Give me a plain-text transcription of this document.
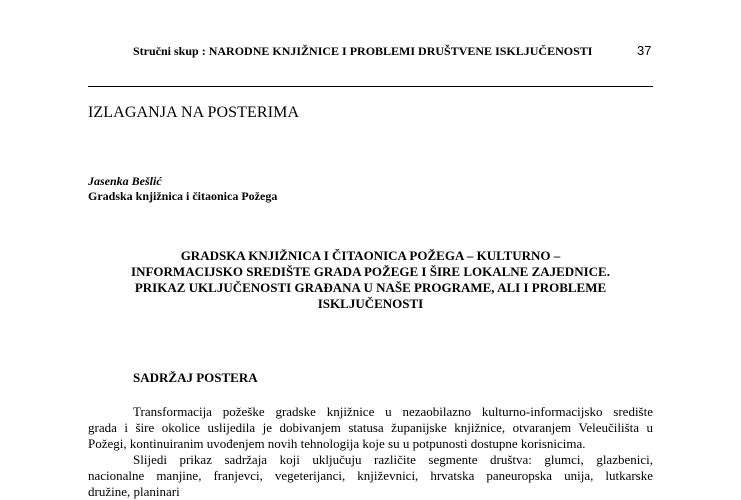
Stručni skup : NARODNE KNJIŽNICE I PROBLEMI DRUŠTVENE ISKLJUČENOSTI	37
IZLAGANJA NA POSTERIMA
Jasenka Bešlić
Gradska knjižnica i čitaonica Požega
GRADSKA KNJIŽNICA I ČITAONICA POŽEGA – KULTURNO –
INFORMACIJSKO SREDIŠTE GRADA POŽEGE I ŠIRE LOKALNE ZAJEDNICE.
PRIKAZ UKLJUČENOSTI GRAĐANA U NAŠE PROGRAME, ALI I PROBLEME
ISKLJUČENOSTI
SADRŽAJ POSTERA
Transformacija požeške gradske knjižnice u nezaobilazno kulturno-informacijsko središte
grada i šire okolice uslijedila je dobivanjem statusa županijske knjižnice, otvaranjem Veleučilišta u
Požegi, kontinuiranim uvođenjem novih tehnologija koje su u potpunosti dostupne korisnicima.
Slijedi prikaz sadržaja koji uključuju različite segmente društva: glumci, glazbenici,
nacionalne manjine, franjevci, vegeterijanci, književnici, hrvatska paneuropska unija, lutkarske
družine, planinari
